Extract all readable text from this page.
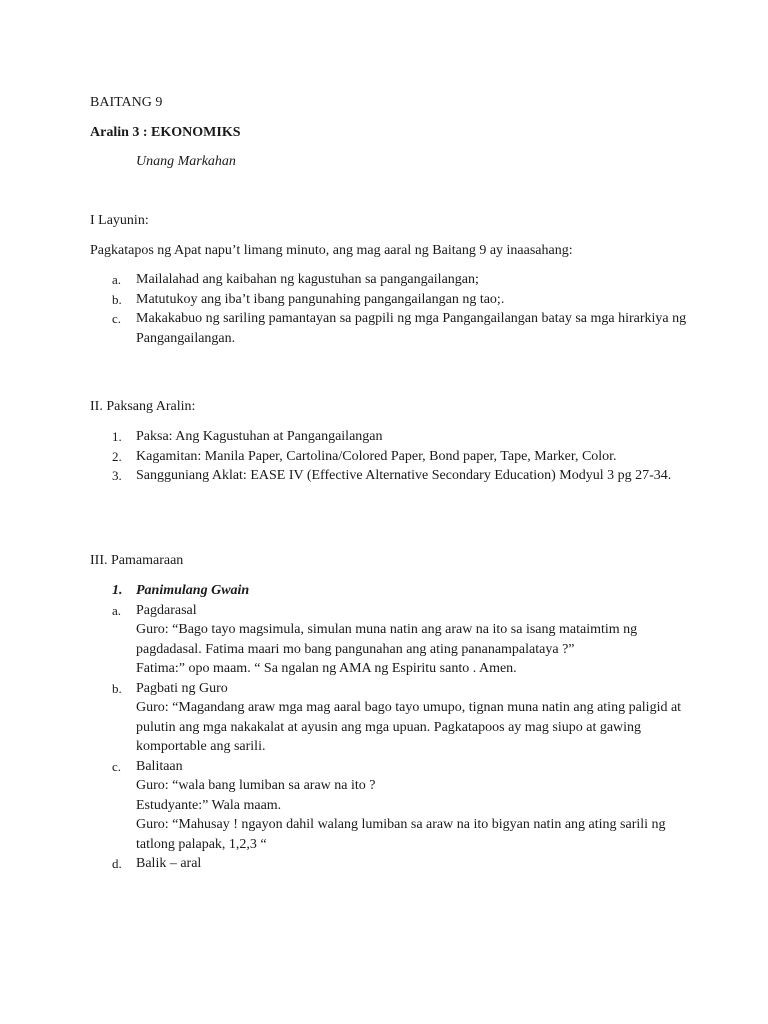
BAITANG 9
Aralin 3 : EKONOMIKS
Unang Markahan
I Layunin:
Pagkatapos ng Apat napu’t limang minuto, ang mag aaral ng Baitang 9 ay inaasahang:
a. Mailalahad ang kaibahan ng kagustuhan sa pangangailangan;
b. Matutukoy ang iba’t ibang pangunahing pangangailangan ng tao;.
c. Makakabuo ng sariling pamantayan sa pagpili ng mga Pangangailangan batay sa mga hirarkiya ng Pangangailangan.
II. Paksang Aralin:
1. Paksa: Ang Kagustuhan at Pangangailangan
2. Kagamitan: Manila Paper, Cartolina/Colored Paper, Bond paper, Tape, Marker, Color.
3. Sangguniang Aklat: EASE IV (Effective Alternative Secondary Education) Modyul 3 pg 27-34.
III. Pamamaraan
1. Panimulang Gwain
a. Pagdarasal
Guro: “Bago tayo magsimula, simulan muna natin ang araw na ito sa isang mataimtim ng pagdadasal. Fatima maari mo bang pangunahan ang ating pananampalataya ?”
Fatima:” opo maam. “ Sa ngalan ng AMA ng Espiritu santo . Amen.
b. Pagbati ng Guro
Guro: “Magandang araw mga mag aaral bago tayo umupo, tignan muna natin ang ating paligid at pulutin ang mga nakakalat at ayusin ang mga upuan. Pagkatapoos ay mag siupo at gawing komportable ang sarili.
c. Balitaan
Guro: “wala bang lumiban sa araw na ito ?
Estudyante:” Wala maam.
Guro: “Mahusay ! ngayon dahil walang lumiban sa araw na ito bigyan natin ang ating sarili ng tatlong palapak, 1,2,3 “
d. Balik – aral
